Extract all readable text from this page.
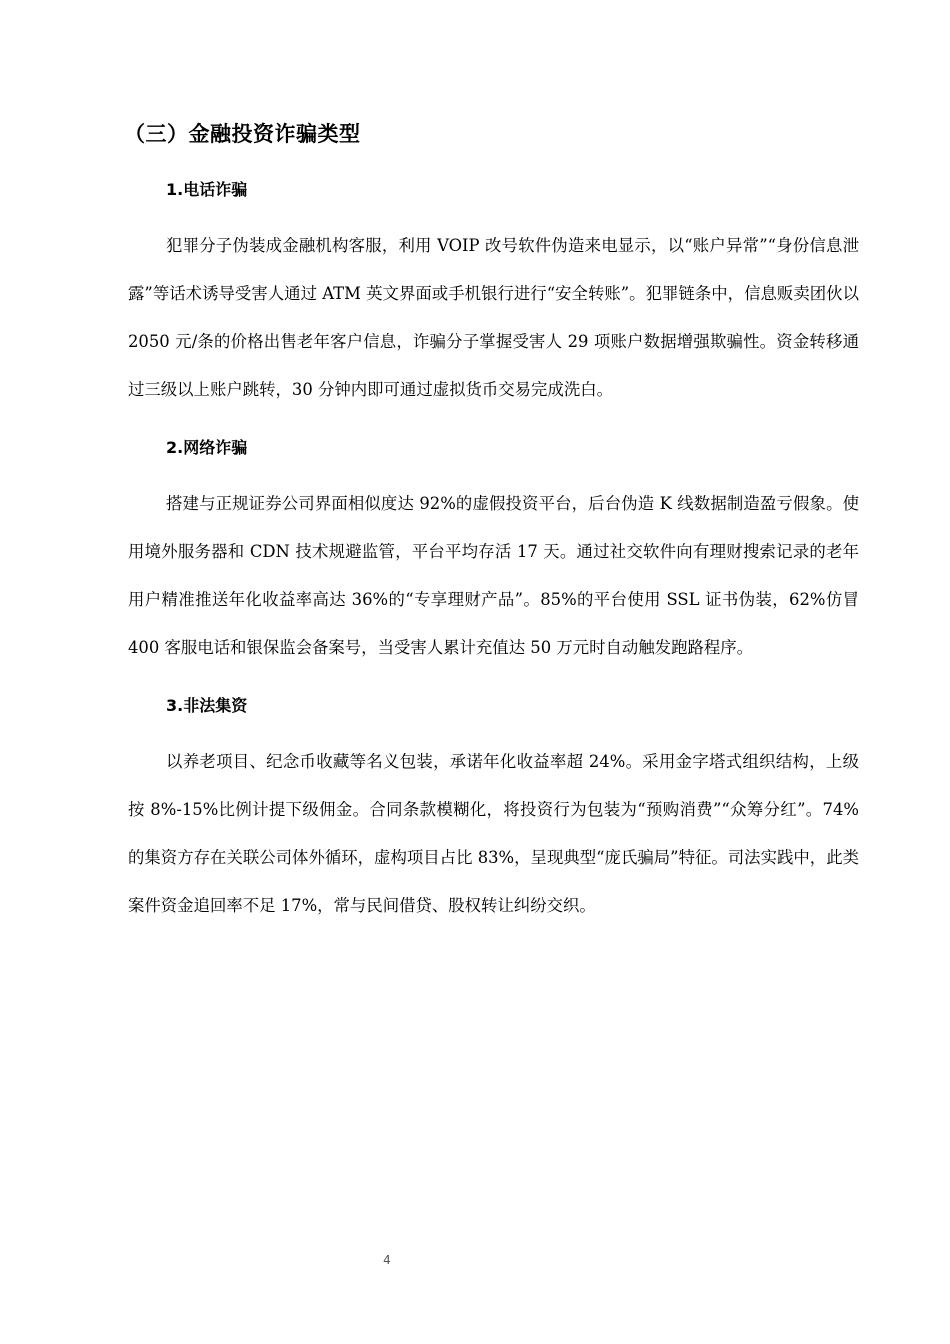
（三）金融投资诈骗类型
1.电话诈骗

犯罪分子伪装成金融机构客服，利用 VOIP 改号软件伪造来电显示，以“账户异常”“身份信息泄露”等话术诱导受害人通过 ATM 英文界面或手机银行进行“安全转账”。犯罪链条中，信息贩卖团伙以 2050 元/条的价格出售老年客户信息，诈骗分子掌握受害人 29 项账户数据增强欺骗性。资金转移通过三级以上账户跳转，30 分钟内即可通过虚拟货币交易完成洗白。

2.网络诈骗

搭建与正规证券公司界面相似度达 92%的虚假投资平台，后台伪造 K 线数据制造盈亏假象。使用境外服务器和 CDN 技术规避监管，平台平均存活 17 天。通过社交软件向有理财搜索记录的老年用户精准推送年化收益率高达 36%的“专享理财产品”。85%的平台使用 SSL 证书伪装，62%仿冒 400 客服电话和银保监会备案号，当受害人累计充值达 50 万元时自动触发跑路程序。

3.非法集资

以养老项目、纪念币收藏等名义包装，承诺年化收益率超 24%。采用金字塔式组织结构，上级按 8%-15%比例计提下级佣金。合同条款模糊化，将投资行为包装为“预购消费”“众筹分红”。74%的集资方存在关联公司体外循环，虚构项目占比 83%，呈现典型“庞氏骗局”特征。司法实践中，此类案件资金追回率不足 17%，常与民间借贷、股权转让纠纷交织。

4
